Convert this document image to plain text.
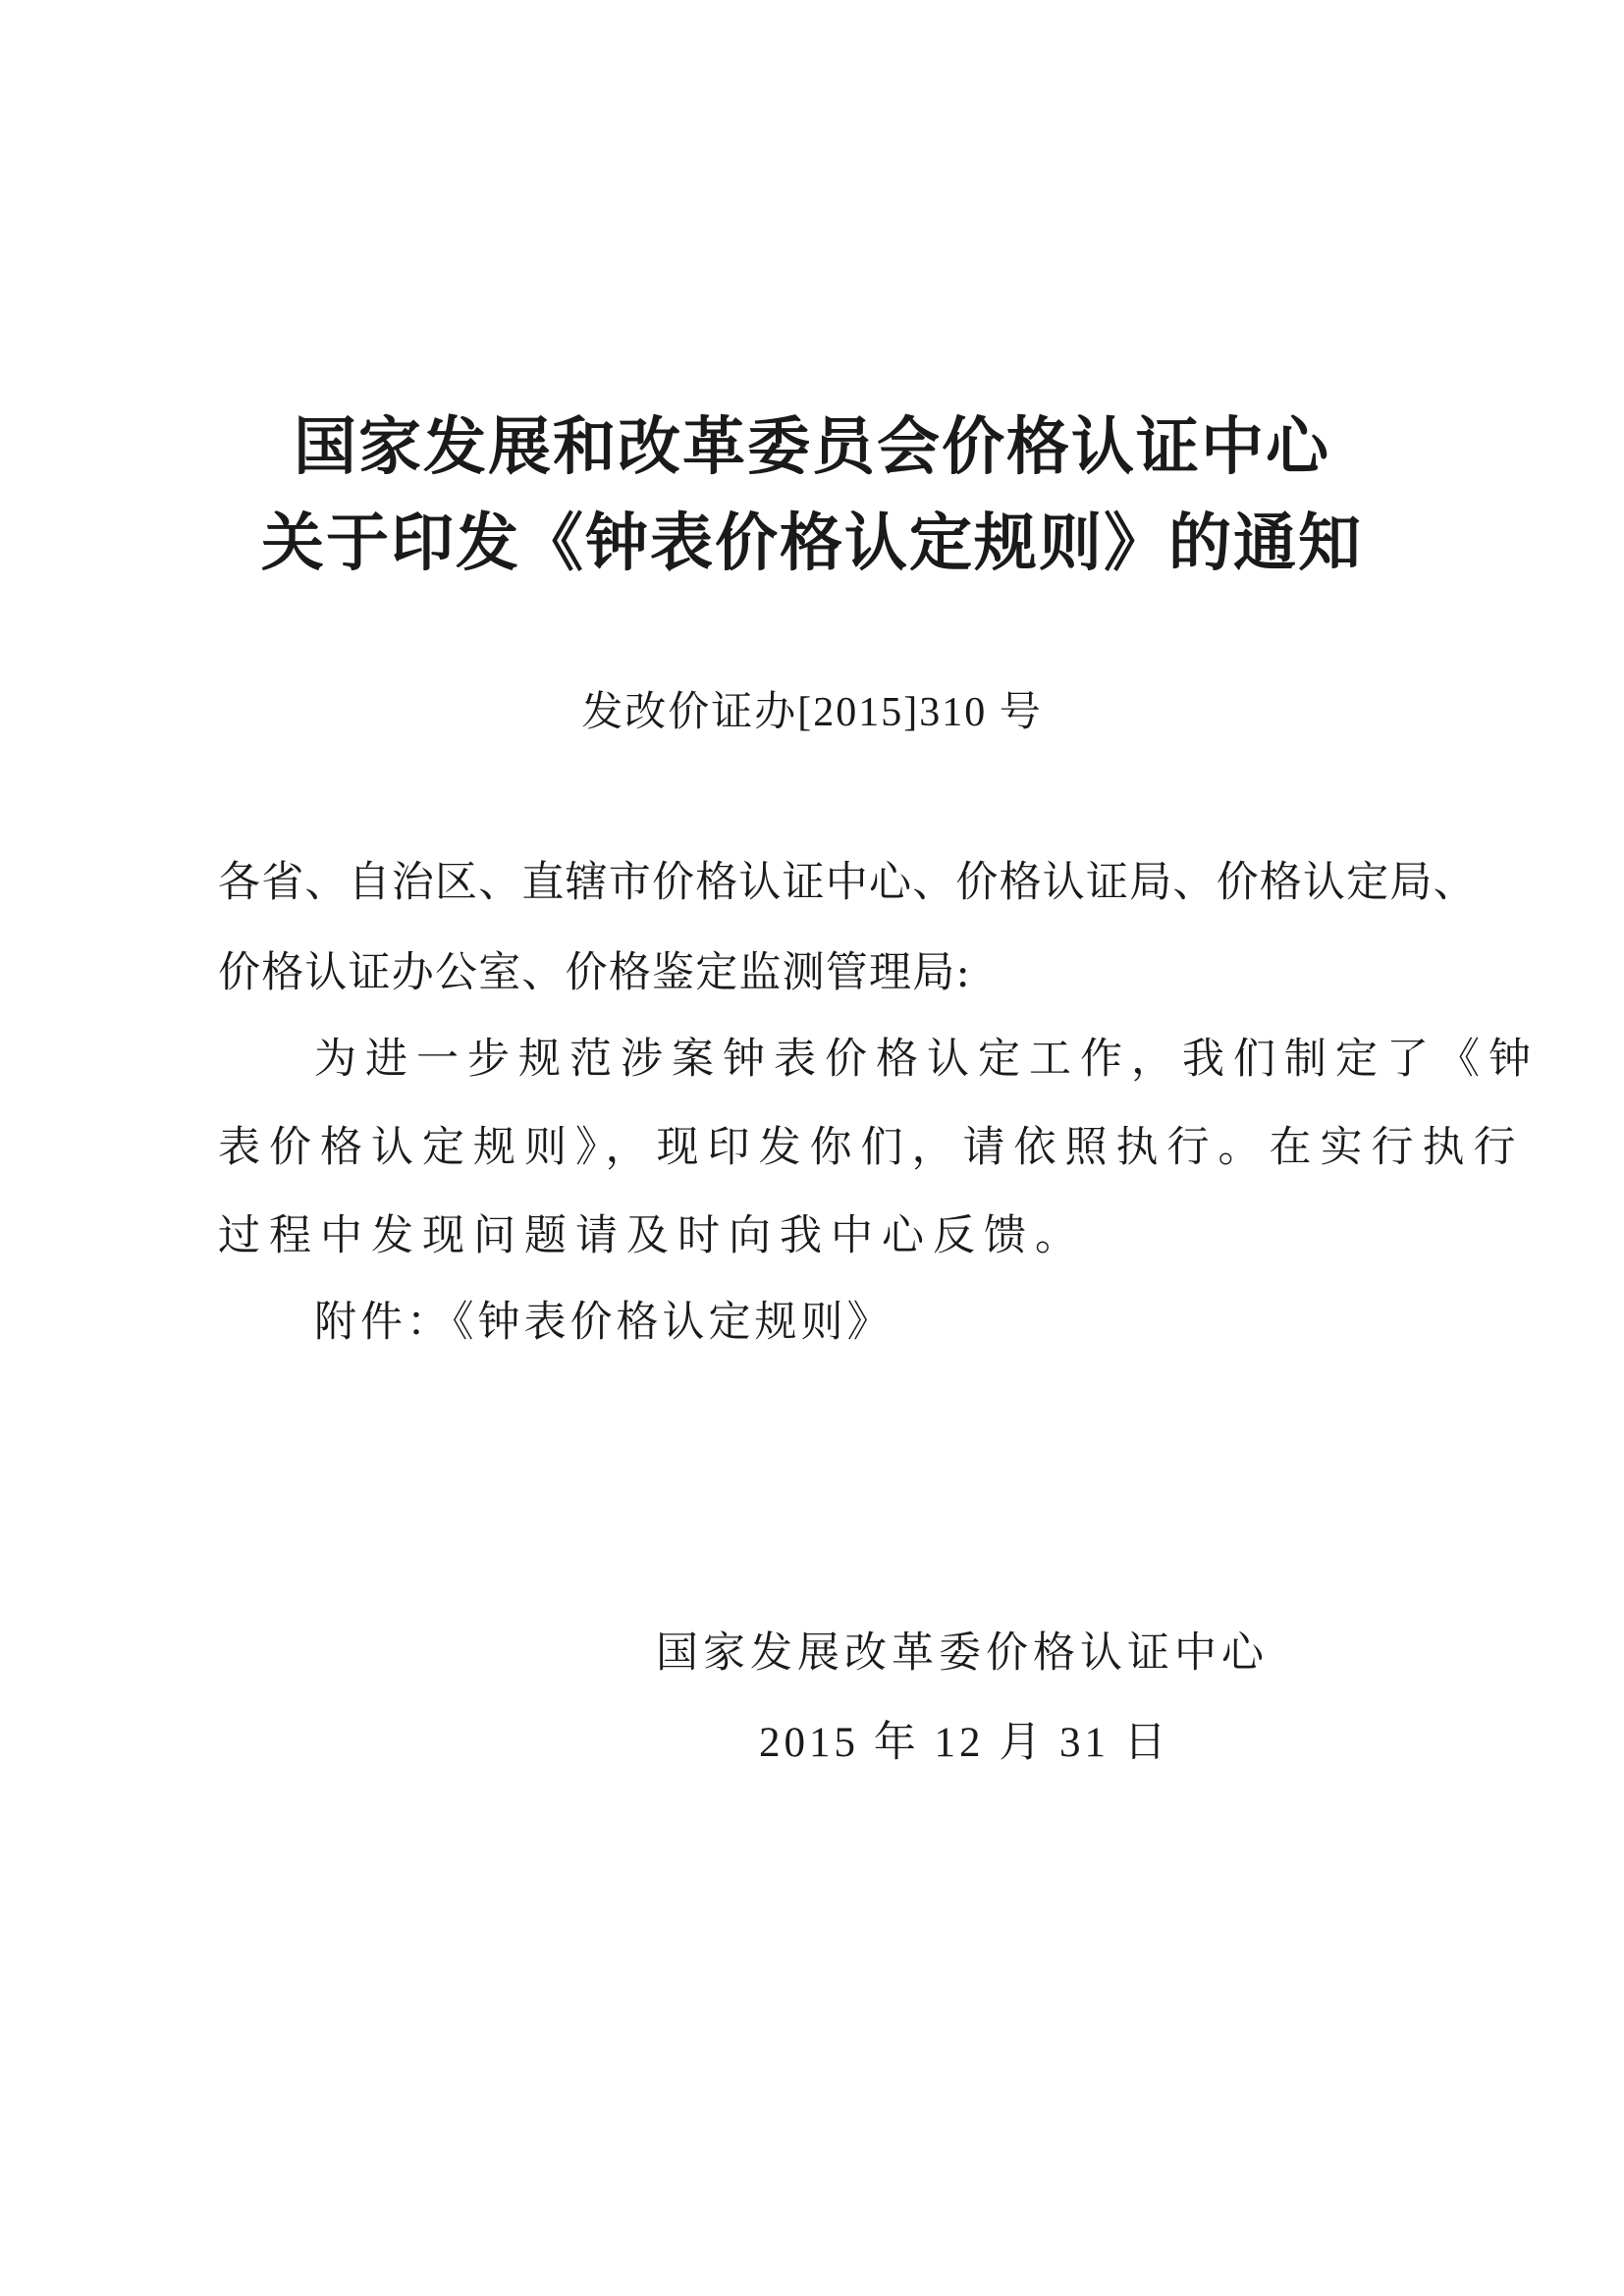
国家发展和改革委员会价格认证中心
关于印发《钟表价格认定规则》的通知
发改价证办[2015]310 号
各省、自治区、直辖市价格认证中心、价格认证局、价格认定局、
价格认证办公室、价格鉴定监测管理局:
为进一步规范涉案钟表价格认定工作，我们制定了《钟
表价格认定规则》，现印发你们，请依照执行。在实行执行
过程中发现问题请及时向我中心反馈。
附件：《钟表价格认定规则》
国家发展改革委价格认证中心
2015 年 12 月 31 日
